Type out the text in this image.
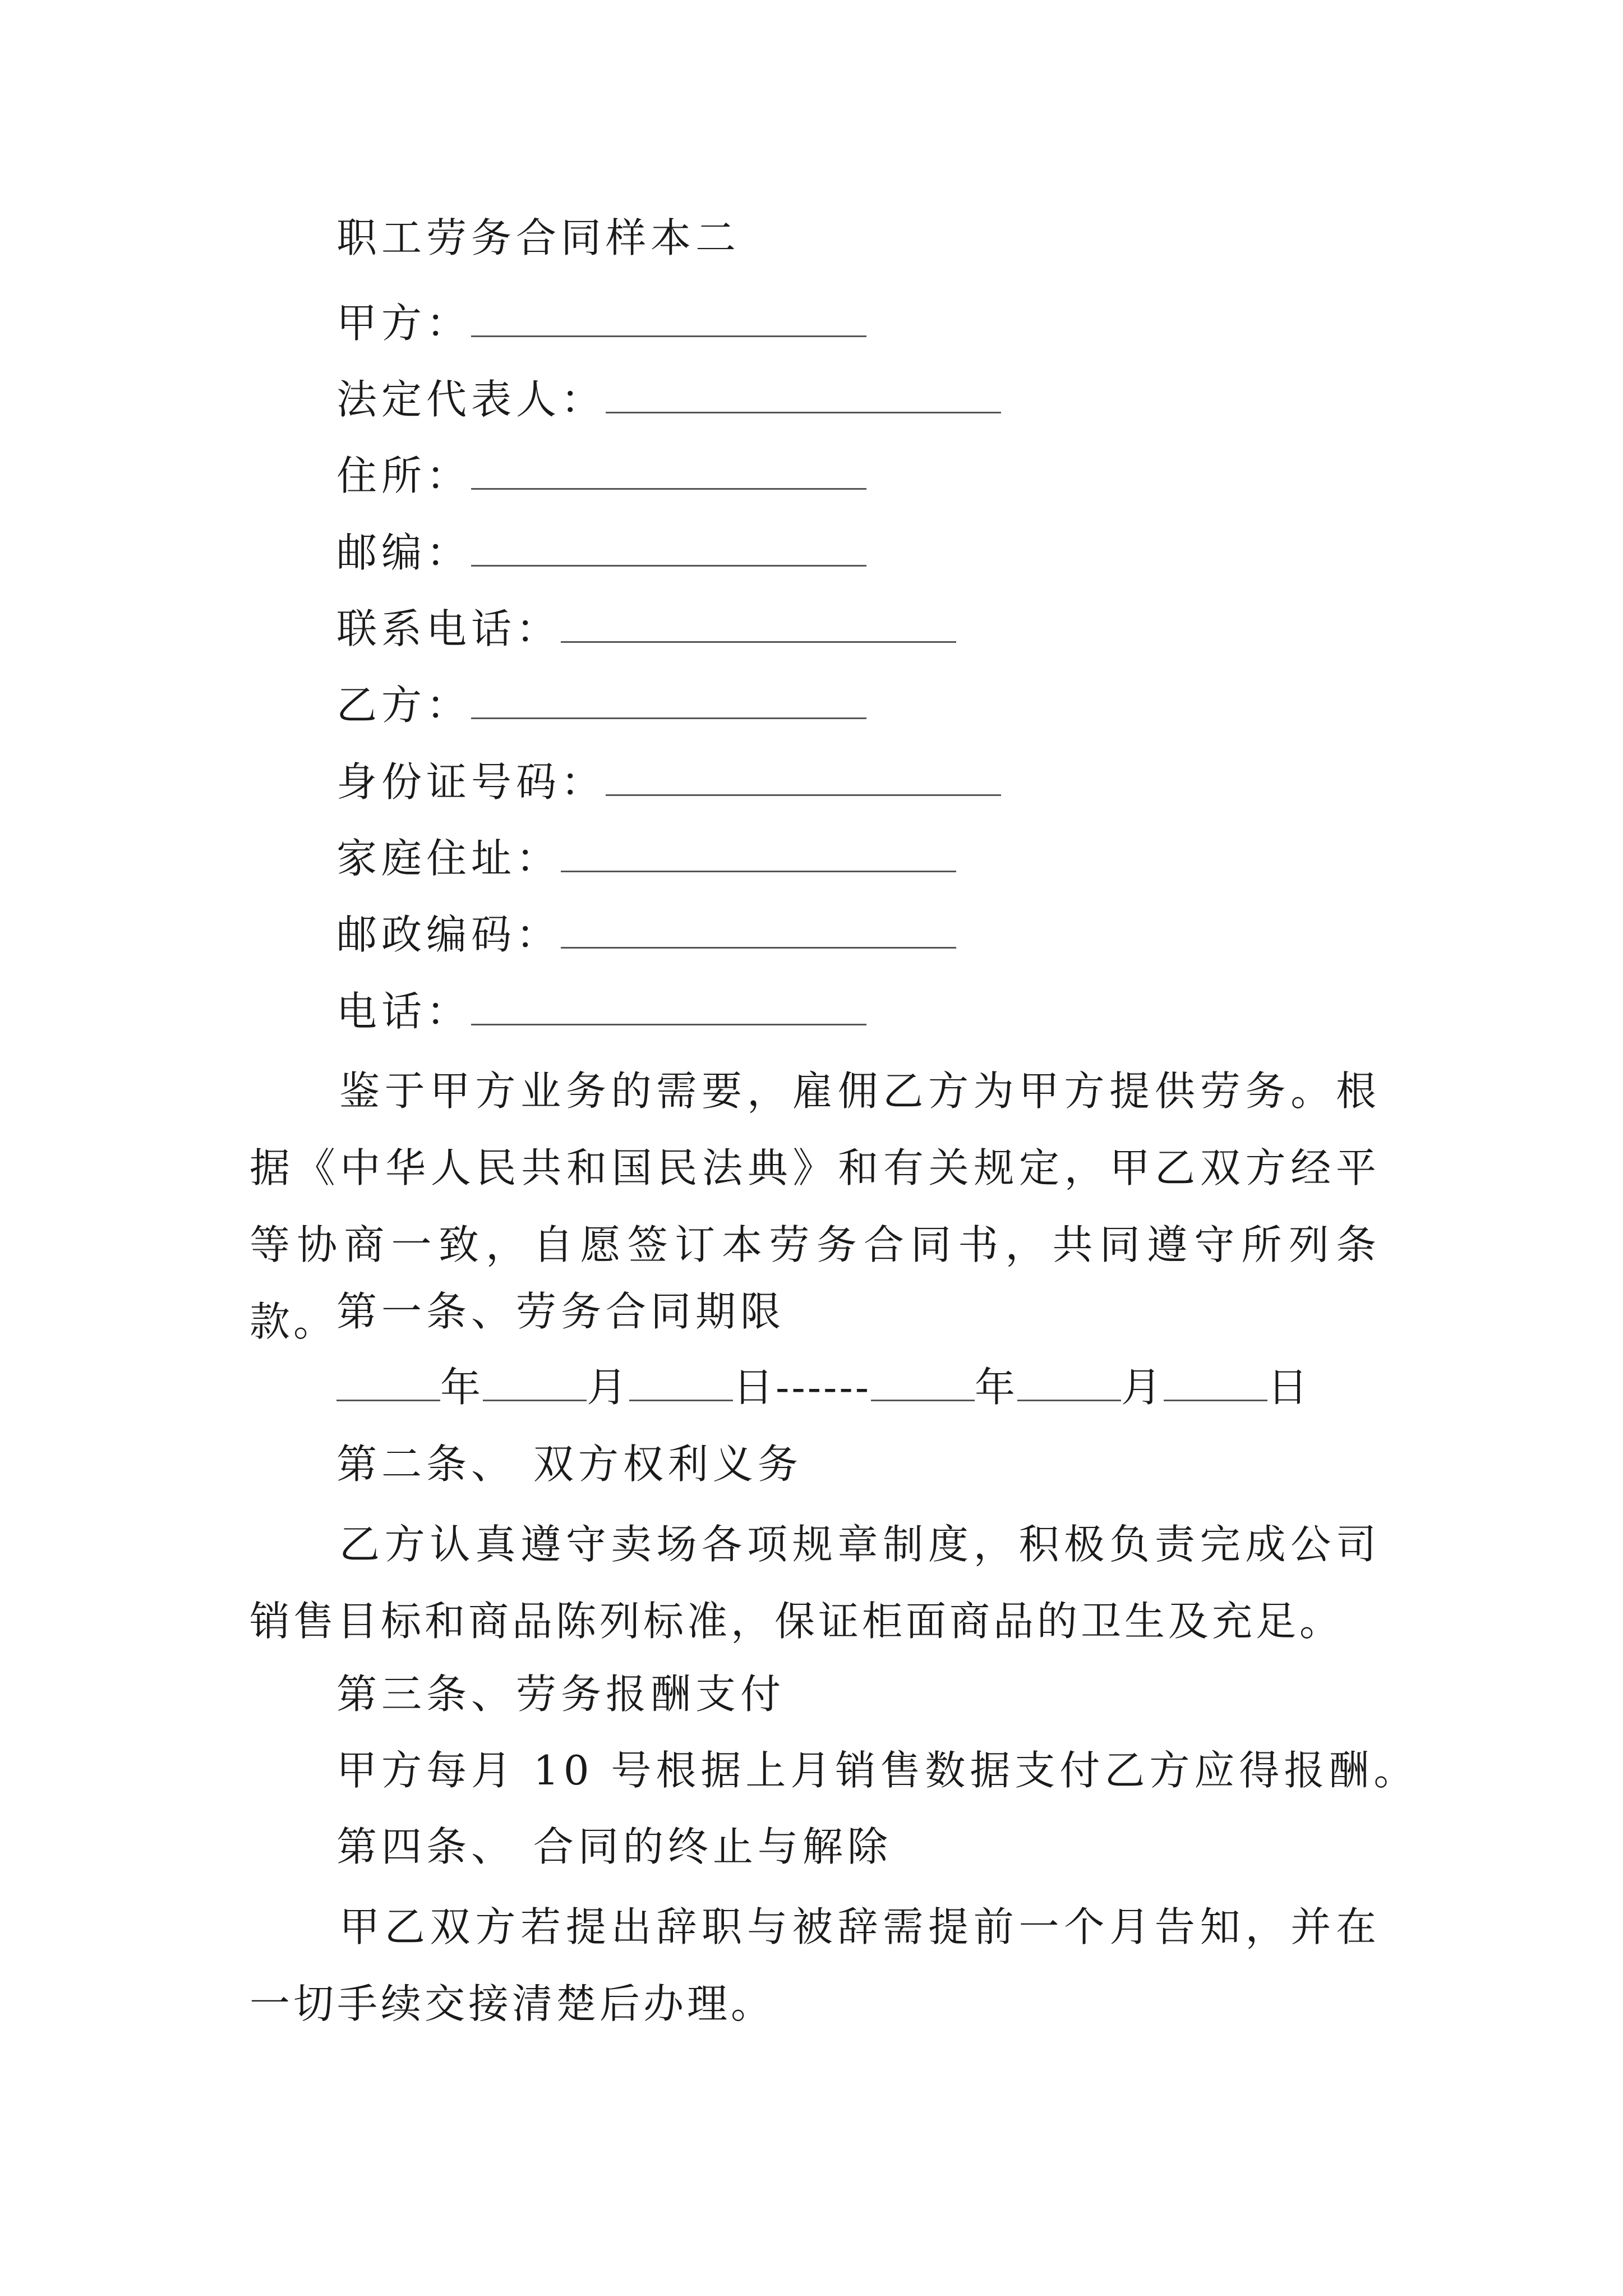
职工劳务合同样本二
甲方：
法定代表人：
住所：
邮编：
联系电话：
乙方：
身份证号码：
家庭住址：
邮政编码：
电话：
鉴于甲方业务的需要，雇佣乙方为甲方提供劳务。根据《中华人民共和国民法典》和有关规定，甲乙双方经平等协商一致，自愿签订本劳务合同书，共同遵守所列条款。
第一条、劳务合同期限
年	月	日------	年	月	日
第二条、 双方权利义务
乙方认真遵守卖场各项规章制度，积极负责完成公司销售目标和商品陈列标准，保证柜面商品的卫生及充足。
第三条、劳务报酬支付
甲方每月 10 号根据上月销售数据支付乙方应得报酬。
第四条、 合同的终止与解除
甲乙双方若提出辞职与被辞需提前一个月告知，并在一切手续交接清楚后办理。
